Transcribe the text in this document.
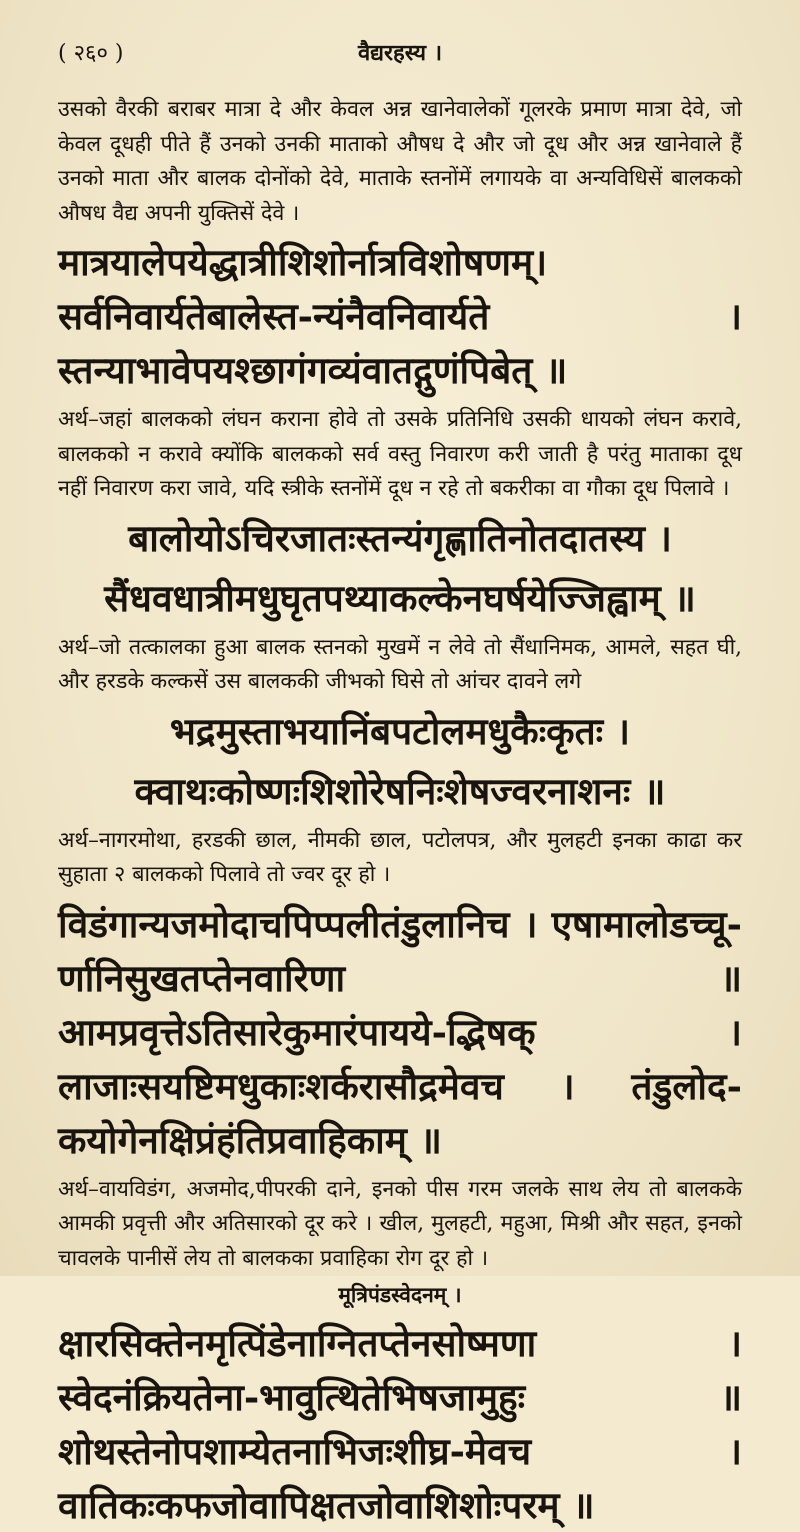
( २६० )	वैद्यरहस्य ।

उसको वैरकी बराबर मात्रा दे और केवल अन्न खानेवालेकों गूलरके प्रमाण मात्रा देवे, जो केवल दूधही पीते हैं उनको उनकी माताको औषध दे और जो दूध और अन्न खानेवाले हैं उनको माता और बालक दोनोंको देवे, माताके स्तनोंमें लगायके वा अन्यविधिसें बालकको औषध वैद्य अपनी युक्तिसें देवे ।

मात्रयालेपयेद्धात्रीशिशोर्नात्रविशोषणम्।सर्वनिवार्यतेबालेस्त-न्यंनैवनिवार्यते । स्तन्याभावेपयश्छागंगव्यंवातद्गुणंपिबेत् ॥

अर्थ–जहां बालकको लंघन कराना होवे तो उसके प्रतिनिधि उसकी धायको लंघन करावे, बालकको न करावे क्योंकि बालकको सर्व वस्तु निवारण करी जाती है परंतु माताका दूध नहीं निवारण करा जावे, यदि स्त्रीके स्तनोंमें दूध न रहे तो बकरीका वा गौका दूध पिलावे ।

बालोयोऽचिरजातःस्तन्यंगृह्णातिनोतदातस्य ।

सैंधवधात्रीमधुघृतपथ्याकल्केनघर्षयेज्जिह्वाम् ॥

अर्थ–जो तत्कालका हुआ बालक स्तनको मुखमें न लेवे तो सैंधानिमक, आमले, सहत घी, और हरडके कल्कसें उस बालककी जीभको घिसे तो आंचर दावने लगे

भद्रमुस्ताभयानिंबपटोलमधुकैःकृतः ।

क्वाथःकोष्णःशिशोरेषनिःशेषज्वरनाशनः ॥

अर्थ–नागरमोथा, हरडकी छाल, नीमकी छाल, पटोलपत्र, और मुलहटी इनका काढा कर सुहाता २ बालकको पिलावे तो ज्वर दूर हो ।

विडंगान्यजमोदाचपिप्पलीतंडुलानिच । एषामालोडच्चू-र्णानिसुखतप्तेनवारिणा ॥ आमप्रवृत्तेऽतिसारेकुमारंपाययेे-द्भिषक् । लाजाःसयष्टिमधुकाःशर्करासौद्रमेवच । तंडुलोद-कयोगेनक्षिप्रंहंतिप्रवाहिकाम् ॥

अर्थ–वायविडंग, अजमोद,पीपरकी दाने, इनको पीस गरम जलके साथ लेय तो बालकके आमकी प्रवृत्ती और अतिसारको दूर करे । खील, मुलहटी, महुआ, मिश्री और सहत, इनको चावलके पानीसें लेय तो बालकका प्रवाहिका रोग दूर हो ।

मूत्रिपंडस्वेदनम् ।

क्षारसिक्तेनमृत्पिंडेनाग्नितप्तेनसोष्मणा । स्वेदनंक्रियतेना-भावुत्थितेभिषजामुहुः ॥ शोथस्तेनोपशाम्येतनाभिजःशीघ्र-मेवच । वातिकःकफजोवापिक्षतजोवाशिशोःपरम् ॥
